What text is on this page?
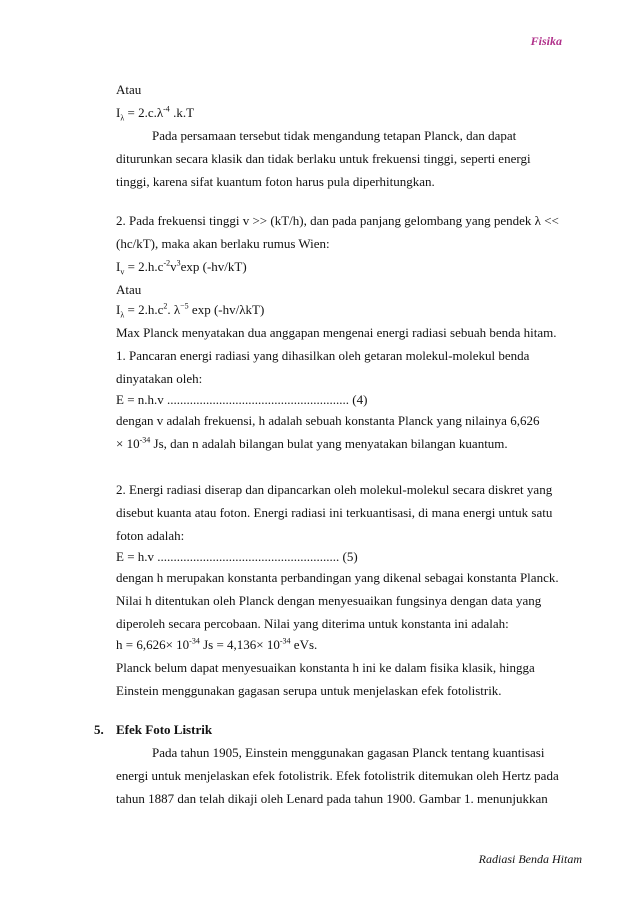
Fisika
Atau
$I_\lambda = 2.c.\lambda^{-4}$ .k.T
Pada persamaan tersebut tidak mengandung tetapan Planck, dan dapat
diturunkan secara klasik dan tidak berlaku untuk frekuensi tinggi, seperti energi
tinggi, karena sifat kuantum foton harus pula diperhitungkan.
2. Pada frekuensi tinggi v >> (kT/h), dan pada panjang gelombang yang pendek λ <<
(hc/kT), maka akan berlaku rumus Wien:
$I_v = 2.h.c^{-2}v^3\exp$ (-hv/kT)
Atau
$I_\lambda = 2.h.c^2$. $\lambda^{-5}$ exp (-hv/λkT)
Max Planck menyatakan dua anggapan mengenai energi radiasi sebuah benda hitam.
1. Pancaran energi radiasi yang dihasilkan oleh getaran molekul-molekul benda
dinyatakan oleh:
E = n.h.v ........................................................ (4)
dengan v adalah frekuensi, h adalah sebuah konstanta Planck yang nilainya 6,626
× $10^{-34}$ Js, dan n adalah bilangan bulat yang menyatakan bilangan kuantum.
2. Energi radiasi diserap dan dipancarkan oleh molekul-molekul secara diskret yang
disebut kuanta atau foton. Energi radiasi ini terkuantisasi, di mana energi untuk satu
foton adalah:
E = h.v ........................................................ (5)
dengan h merupakan konstanta perbandingan yang dikenal sebagai konstanta Planck.
Nilai h ditentukan oleh Planck dengan menyesuaikan fungsinya dengan data yang
diperoleh secara percobaan. Nilai yang diterima untuk konstanta ini adalah:
$h = 6,626\times 10^{-34}$ $Js = 4,136\times 10^{-34}$ eVs.
Planck belum dapat menyesuaikan konstanta h ini ke dalam fisika klasik, hingga
Einstein menggunakan gagasan serupa untuk menjelaskan efek fotolistrik.
5. Efek Foto Listrik
Pada tahun 1905, Einstein menggunakan gagasan Planck tentang kuantisasi
energi untuk menjelaskan efek fotolistrik. Efek fotolistrik ditemukan oleh Hertz pada
tahun 1887 dan telah dikaji oleh Lenard pada tahun 1900. Gambar 1. menunjukkan
Radiasi Benda Hitam
